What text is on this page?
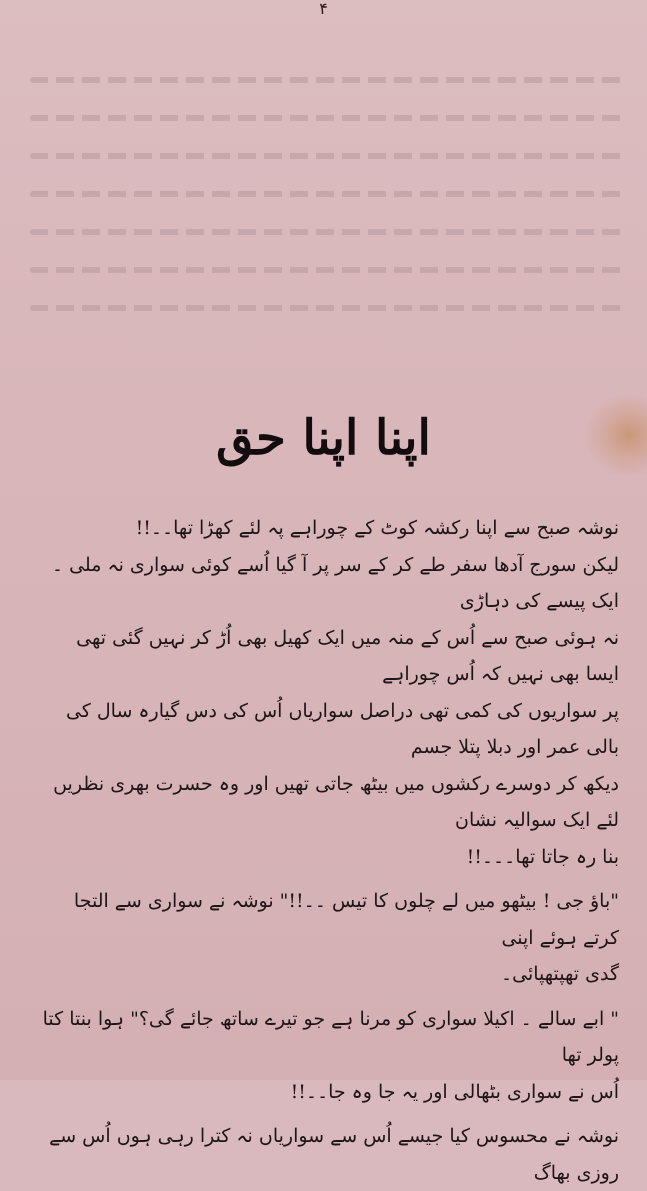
۴
اپنا اپنا حق

نوشہ صبح سے اپنا رکشہ کوٹ کے چوراہے پہ لئے کھڑا تھا۔۔!!

لیکن سورج آدھا سفر طے کر کے سر پر آ گیا اُسے کوئی سواری نہ ملی ۔ایک پیسے کی دہاڑی

نہ ہوئی صبح سے اُس کے منہ میں ایک کھیل بھی اُڑ کر نہیں گئی تھی ایسا بھی نہیں کہ اُس چوراہے

پر سواریوں کی کمی تھی دراصل سواریاں اُس کی دس گیارہ سال کی بالی عمر اور دبلا پتلا جسم

دیکھ کر دوسرے رکشوں میں بیٹھ جاتی تھیں اور وہ حسرت بھری نظریں لئے ایک سوالیہ نشان

بنا رہ جاتا تھا۔۔۔!!

"باؤ جی ! بیٹھو میں لے چلوں کا تیس ۔۔!!" نوشہ نے سواری سے التجا کرتے ہوئے اپنی

گدی تھپتھپائی۔

" ابے سالے ۔ اکیلا سواری کو مرنا ہے جو تیرے ساتھ جائے گی؟" ہوا بنتا کتا پولر تھا

اُس نے سواری بٹھالی اور یہ جا وہ جا۔۔!!

نوشہ نے محسوس کیا جیسے اُس سے سواریاں نہ کترا رہی ہوں اُس سے روزی بھاگ
